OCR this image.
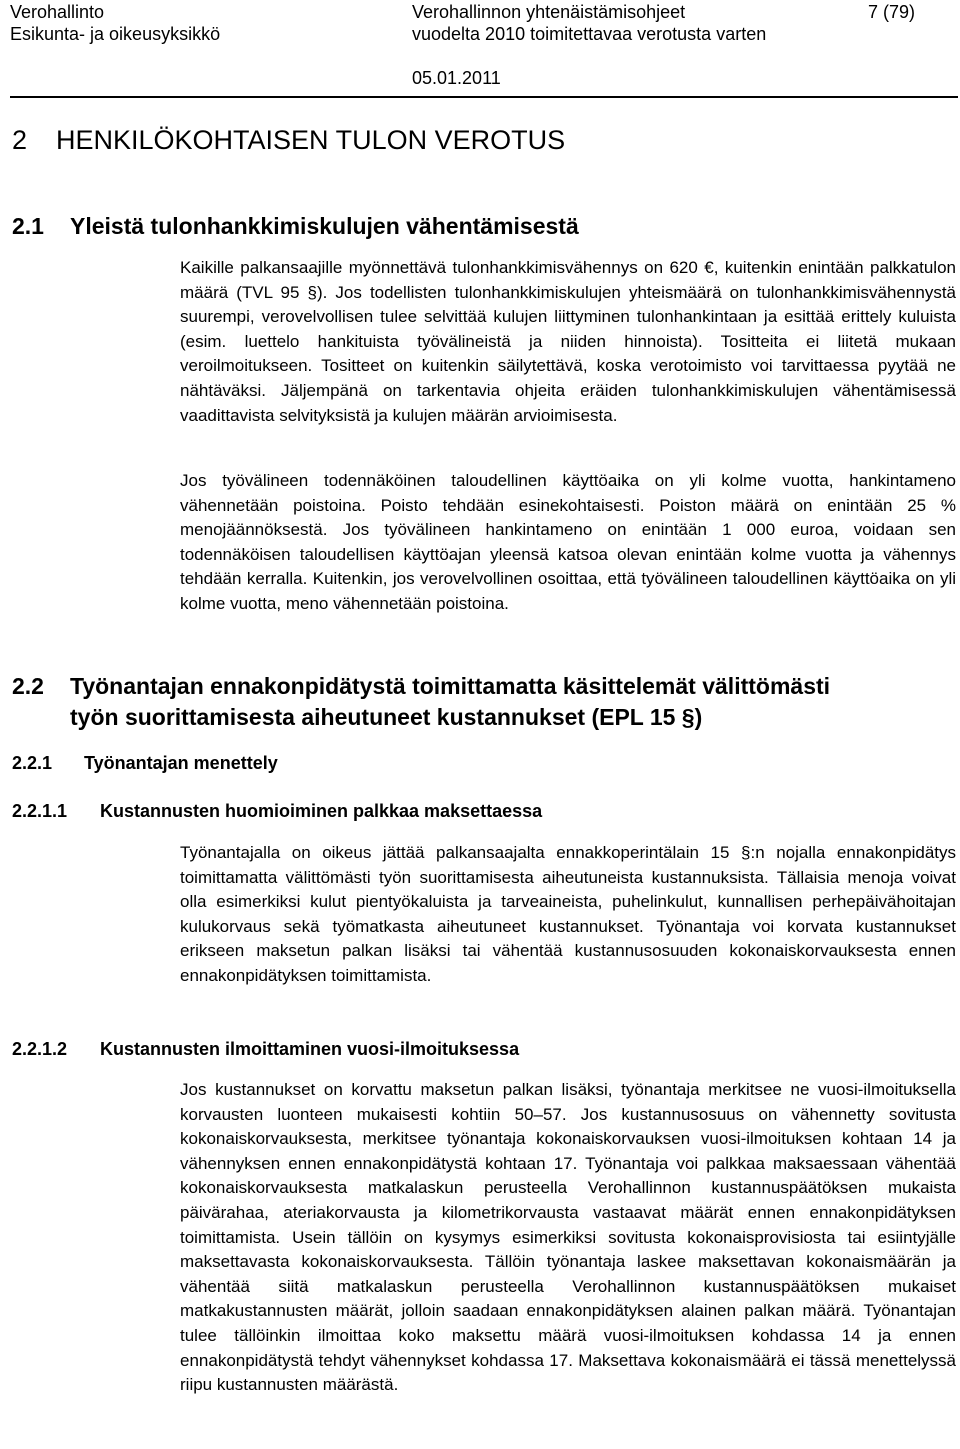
Verohallinto
Esikunta- ja oikeusyksikkö
Verohallinnon yhtenäistämisohjeet
vuodelta 2010 toimitettavaa verotusta varten
05.01.2011
7 (79)
2 HENKILÖKOHTAISEN TULON VEROTUS
2.1 Yleistä tulonhankkimiskulujen vähentämisestä

Kaikille palkansaajille myönnettävä tulonhankkimisvähennys on 620 €, kuitenkin enintään palkkatulon määrä (TVL 95 §). Jos todellisten tulonhankkimiskulujen yhteismäärä on tulonhankkimisvähennystä suurempi, verovelvollisen tulee selvittää kulujen liittyminen tulonhankintaan ja esittää erittely kuluista (esim. luettelo hankituista työvälineistä ja niiden hinnoista). Tositteita ei liitetä mukaan veroilmoitukseen. Tositteet on kuitenkin säilytettävä, koska verotoimisto voi tarvittaessa pyytää ne nähtäväksi. Jäljempänä on tarkentavia ohjeita eräiden tulonhankkimiskulujen vähentämisessä vaadittavista selvityksistä ja kulujen määrän arvioimisesta.

Jos työvälineen todennäköinen taloudellinen käyttöaika on yli kolme vuotta, hankintameno vähennetään poistoina. Poisto tehdään esinekohtaisesti. Poiston määrä on enintään 25 % menojäännöksestä. Jos työvälineen hankintameno on enintään 1 000 euroa, voidaan sen todennäköisen taloudellisen käyttöajan yleensä katsoa olevan enintään kolme vuotta ja vähennys tehdään kerralla. Kuitenkin, jos verovelvollinen osoittaa, että työvälineen taloudellinen käyttöaika on yli kolme vuotta, meno vähennetään poistoina.

2.2 Työnantajan ennakonpidätystä toimittamatta käsittelemät välittömästi
työn suorittamisesta aiheutuneet kustannukset (EPL 15 §)
2.2.1 Työnantajan menettely
2.2.1.1 Kustannusten huomioiminen palkkaa maksettaessa

Työnantajalla on oikeus jättää palkansaajalta ennakkoperintälain 15 §:n nojalla ennakonpidätys toimittamatta välittömästi työn suorittamisesta aiheutuneista kustannuksista. Tällaisia menoja voivat olla esimerkiksi kulut pientyökaluista ja tarveaineista, puhelinkulut, kunnallisen perhepäivähoitajan kulukorvaus sekä työmatkasta aiheutuneet kustannukset. Työnantaja voi korvata kustannukset erikseen maksetun palkan lisäksi tai vähentää kustannusosuuden kokonaiskorvauksesta ennen ennakonpidätyksen toimittamista.

2.2.1.2 Kustannusten ilmoittaminen vuosi-ilmoituksessa

Jos kustannukset on korvattu maksetun palkan lisäksi, työnantaja merkitsee ne vuosi-ilmoituksella korvausten luonteen mukaisesti kohtiin 50–57. Jos kustannusosuus on vähennetty sovitusta kokonaiskorvauksesta, merkitsee työnantaja kokonaiskorvauksen vuosi-ilmoituksen kohtaan 14 ja vähennyksen ennen ennakonpidätystä kohtaan 17. Työnantaja voi palkkaa maksaessaan vähentää kokonaiskorvauksesta matkalaskun perusteella Verohallinnon kustannuspäätöksen mukaista päivärahaa, ateriakorvausta ja kilometrikorvausta vastaavat määrät ennen ennakonpidätyksen toimittamista. Usein tällöin on kysymys esimerkiksi sovitusta kokonaisprovisiosta tai esiintyjälle maksettavasta kokonaiskorvauksesta. Tällöin työnantaja laskee maksettavan kokonaismäärän ja vähentää siitä matkalaskun perusteella Verohallinnon kustannuspäätöksen mukaiset matkakustannusten määrät, jolloin saadaan ennakonpidätyksen alainen palkan määrä. Työnantajan tulee tällöinkin ilmoittaa koko maksettu määrä vuosi-ilmoituksen kohdassa 14 ja ennen ennakonpidätystä tehdyt vähennykset kohdassa 17. Maksettava kokonaismäärä ei tässä menettelyssä riipu kustannusten määrästä.
